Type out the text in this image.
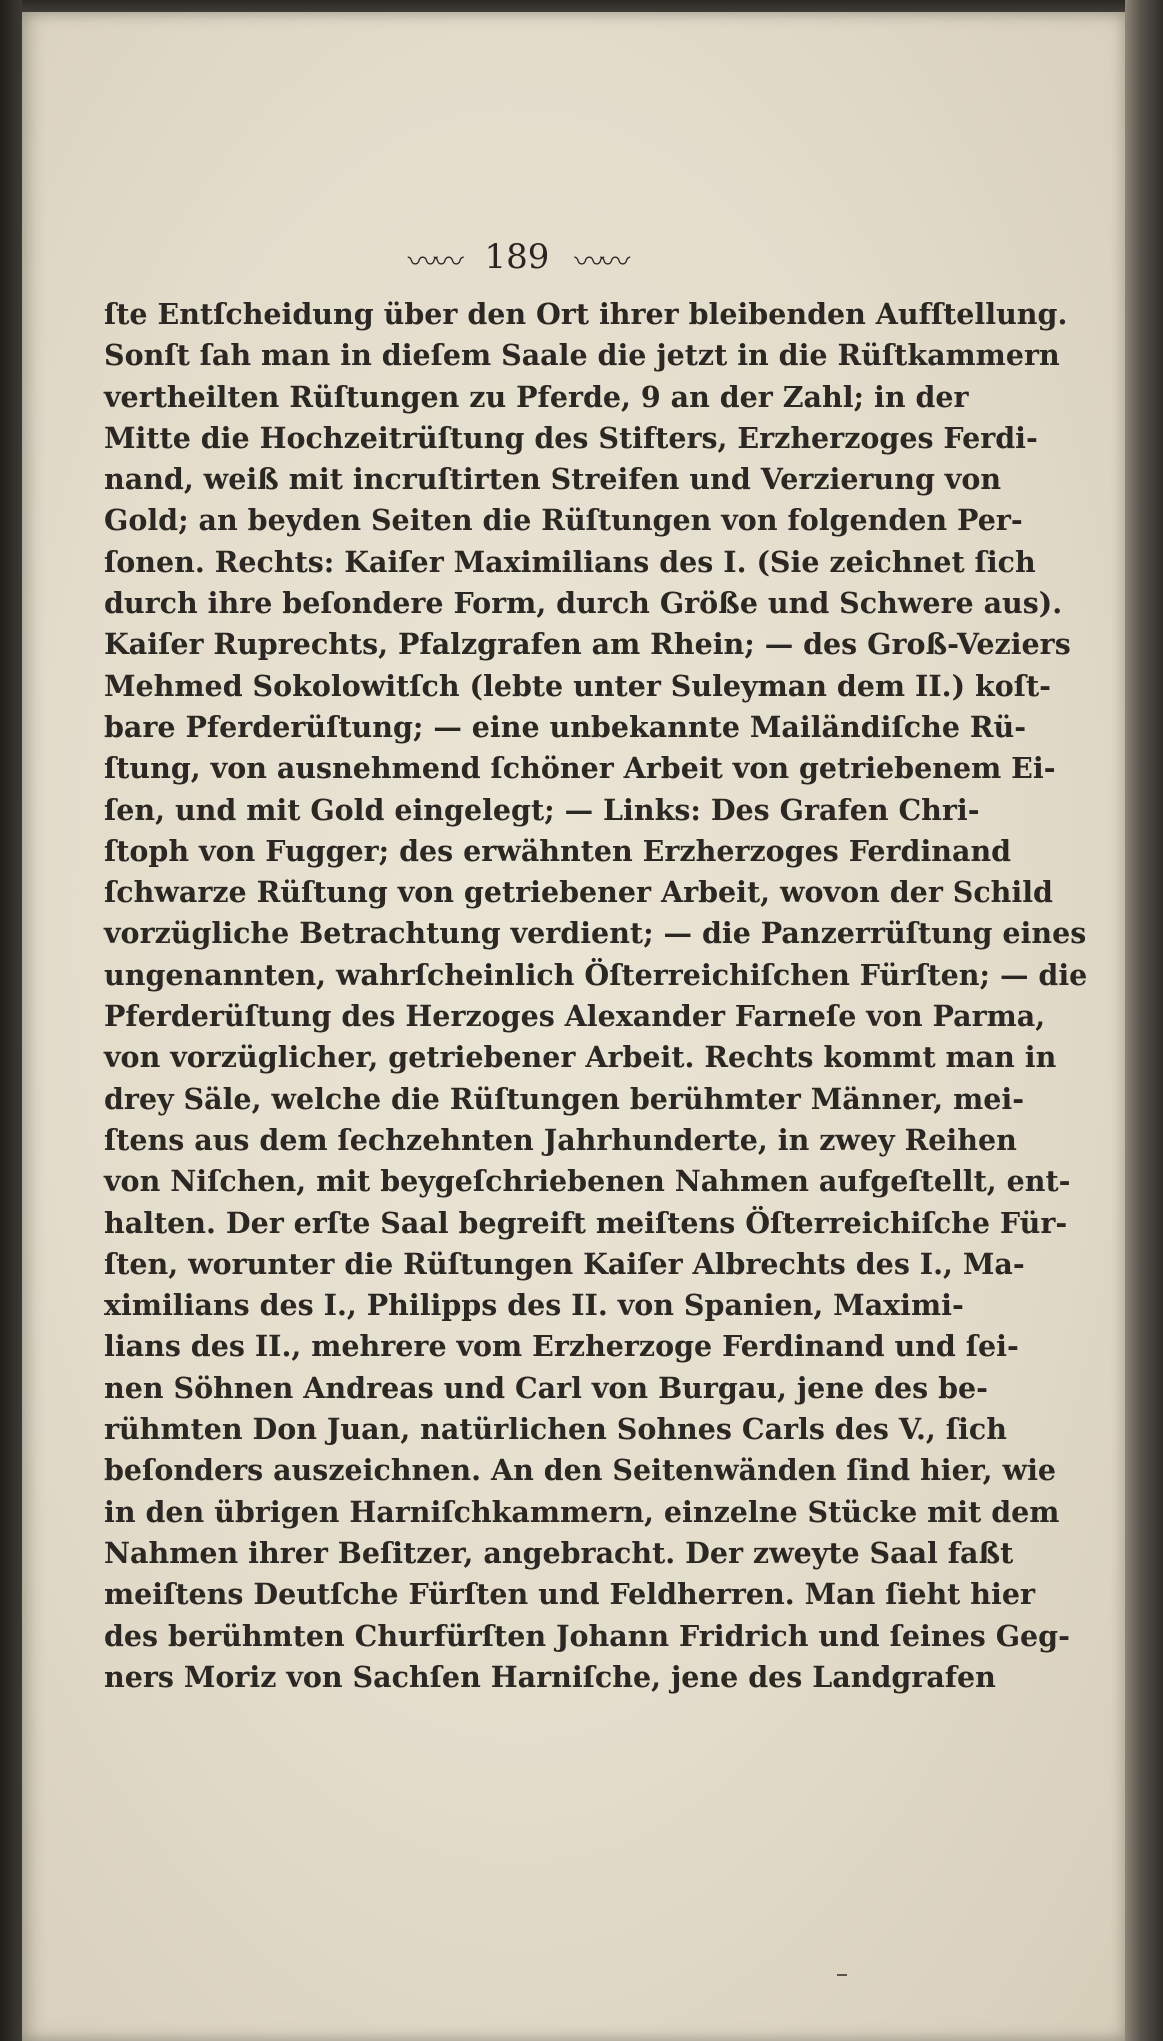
〰〰 189 〰〰
ſte Entſcheidung über den Ort ihrer bleibenden Aufſtellung.
Sonſt ſah man in dieſem Saale die jetzt in die Rüſtkammern
vertheilten Rüſtungen zu Pferde, 9 an der Zahl; in der
Mitte die Hochzeitrüſtung des Stifters, Erzherzoges Ferdi-
nand, weiß mit incruſtirten Streifen und Verzierung von
Gold; an beyden Seiten die Rüſtungen von folgenden Per-
ſonen. Rechts: Kaiſer Maximilians des I. (Sie zeichnet ſich
durch ihre beſondere Form, durch Größe und Schwere aus).
Kaiſer Ruprechts, Pfalzgrafen am Rhein; — des Groß-Veziers
Mehmed Sokolowitſch (lebte unter Suleyman dem II.) koſt-
bare Pferderüſtung; — eine unbekannte Mailändiſche Rü-
ſtung, von ausnehmend ſchöner Arbeit von getriebenem Ei-
ſen, und mit Gold eingelegt; — Links: Des Grafen Chri-
ſtoph von Fugger; des erwähnten Erzherzoges Ferdinand
ſchwarze Rüſtung von getriebener Arbeit, wovon der Schild
vorzügliche Betrachtung verdient; — die Panzerrüſtung eines
ungenannten, wahrſcheinlich Öſterreichiſchen Fürſten; — die
Pferderüſtung des Herzoges Alexander Farneſe von Parma,
von vorzüglicher, getriebener Arbeit. Rechts kommt man in
drey Säle, welche die Rüſtungen berühmter Männer, mei-
ſtens aus dem ſechzehnten Jahrhunderte, in zwey Reihen
von Niſchen, mit beygeſchriebenen Nahmen aufgeſtellt, ent-
halten. Der erſte Saal begreift meiſtens Öſterreichiſche Für-
ſten, worunter die Rüſtungen Kaiſer Albrechts des I., Ma-
ximilians des I., Philipps des II. von Spanien, Maximi-
lians des II., mehrere vom Erzherzoge Ferdinand und ſei-
nen Söhnen Andreas und Carl von Burgau, jene des be-
rühmten Don Juan, natürlichen Sohnes Carls des V., ſich
beſonders auszeichnen. An den Seitenwänden ſind hier, wie
in den übrigen Harniſchkammern, einzelne Stücke mit dem
Nahmen ihrer Beſitzer, angebracht. Der zweyte Saal faßt
meiſtens Deutſche Fürſten und Feldherren. Man ſieht hier
des berühmten Churfürſten Johann Fridrich und ſeines Geg-
ners Moriz von Sachſen Harniſche, jene des Landgrafen
